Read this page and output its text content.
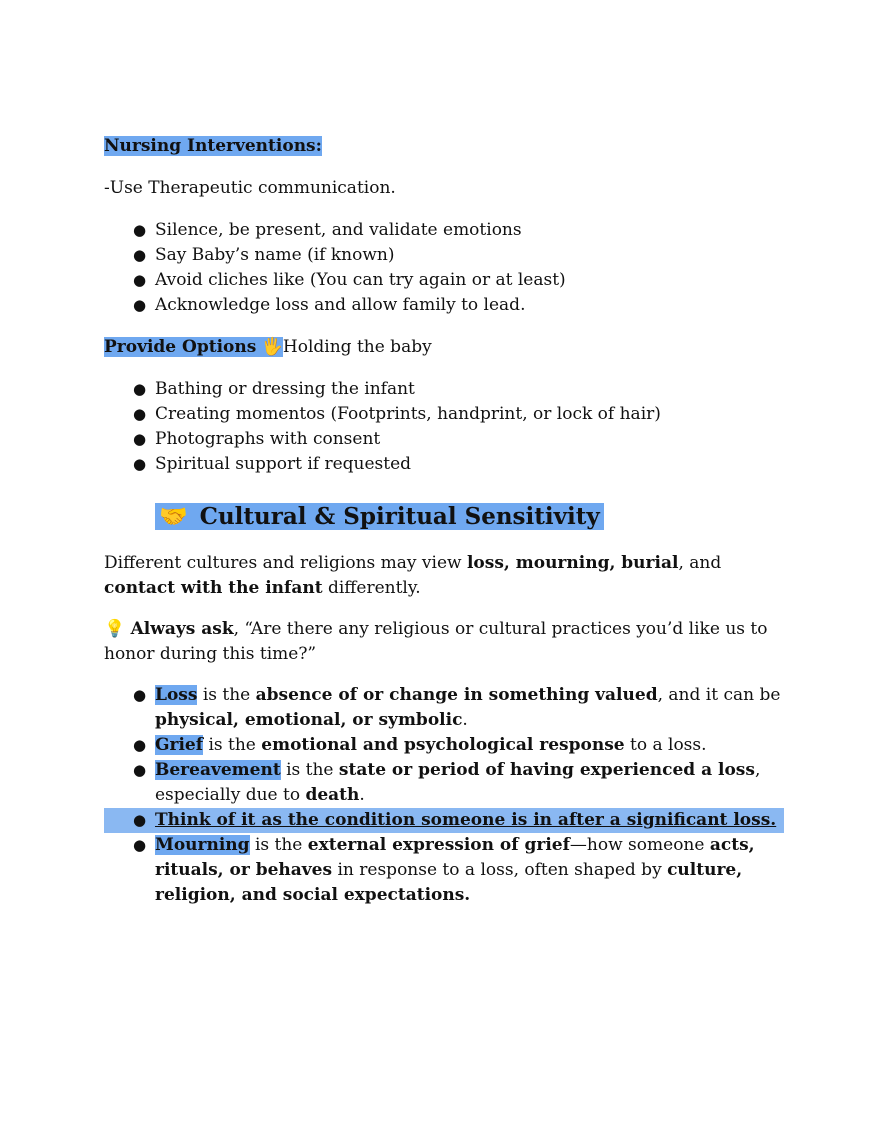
Nursing Interventions:

-Use Therapeutic communication.

● Silence, be present, and validate emotions
● Say Baby’s name (if known)
● Avoid cliches like (You can try again or at least)
● Acknowledge loss and allow family to lead.

Provide Options 🖐Holding the baby

● Bathing or dressing the infant
● Creating momentos (Footprints, handprint, or lock of hair)
● Photographs with consent
● Spiritual support if requested
🤝 Cultural & Spiritual Sensitivity

Different cultures and religions may view loss, mourning, burial, and contact with the infant differently.

💡 Always ask, “Are there any religious or cultural practices you’d like us to honor during this time?”

● Loss is the absence of or change in something valued, and it can be physical, emotional, or symbolic.
● Grief is the emotional and psychological response to a loss.
● Bereavement is the state or period of having experienced a loss, especially due to death.
● Think of it as the condition someone is in after a significant loss.
● Mourning is the external expression of grief—how someone acts, rituals, or behaves in response to a loss, often shaped by culture, religion, and social expectations.
